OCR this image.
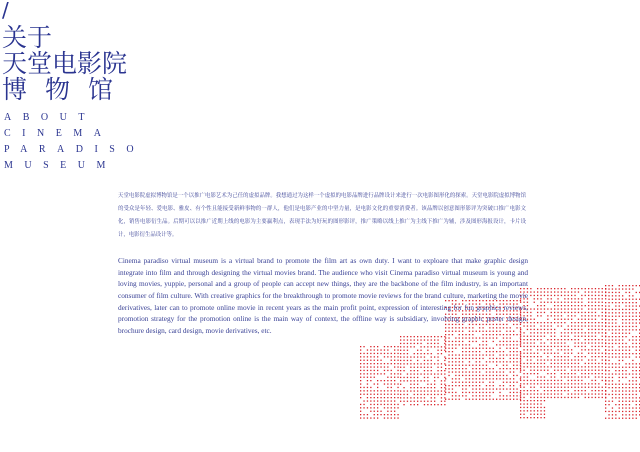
/
关于
天堂电影院
博物馆
ABOUT
CINEMA
PARADISO
MUSEUM

天堂电影院虚拟博物馆是一个以推广电影艺术为己任的虚拟品牌。我想通过为这样一个虚拟的电影品牌进行品牌设计来进行一次电影图形化的探索。天堂电影院虚拟博物馆的受众是年轻、爱电影、雅皮、有个性且能接受新鲜事物的一群人，他们是电影产业的中坚力量，是电影文化的重要消费者。该品牌以创意图形影评为突破口推广电影文化，销售电影衍生品。后期可以以推广近期上线的电影为主要赢利点，表现手法为好玩的图形影评，推广策略以线上推广为主线下推广为辅，涉及图形海报设计，卡片设计，电影衍生品设计等。

Cinema paradiso virtual museum is a virtual brand to promote the film art as own duty. I want to exploare that make graphic design integrate into film and through designing the virtual movies brand. The audience who visit Cinema paradiso virtual museum is young and loving movies, yuppie, personal and a group of people can accept new things, they are the backbone of the film industry, is an important consumer of film culture. With creative graphics for the breakthrough to promote movie reviews for the brand culture, marketing the movie derivatives, later can to promote online movie in recent years as the main profit point, expression of interesting for fun graphics reviews, promotion strategy for the promotion online is the main way of context, the offline way is subsidiary, involving graphic poster design, brochure design, card design, movie derivatives, etc.
